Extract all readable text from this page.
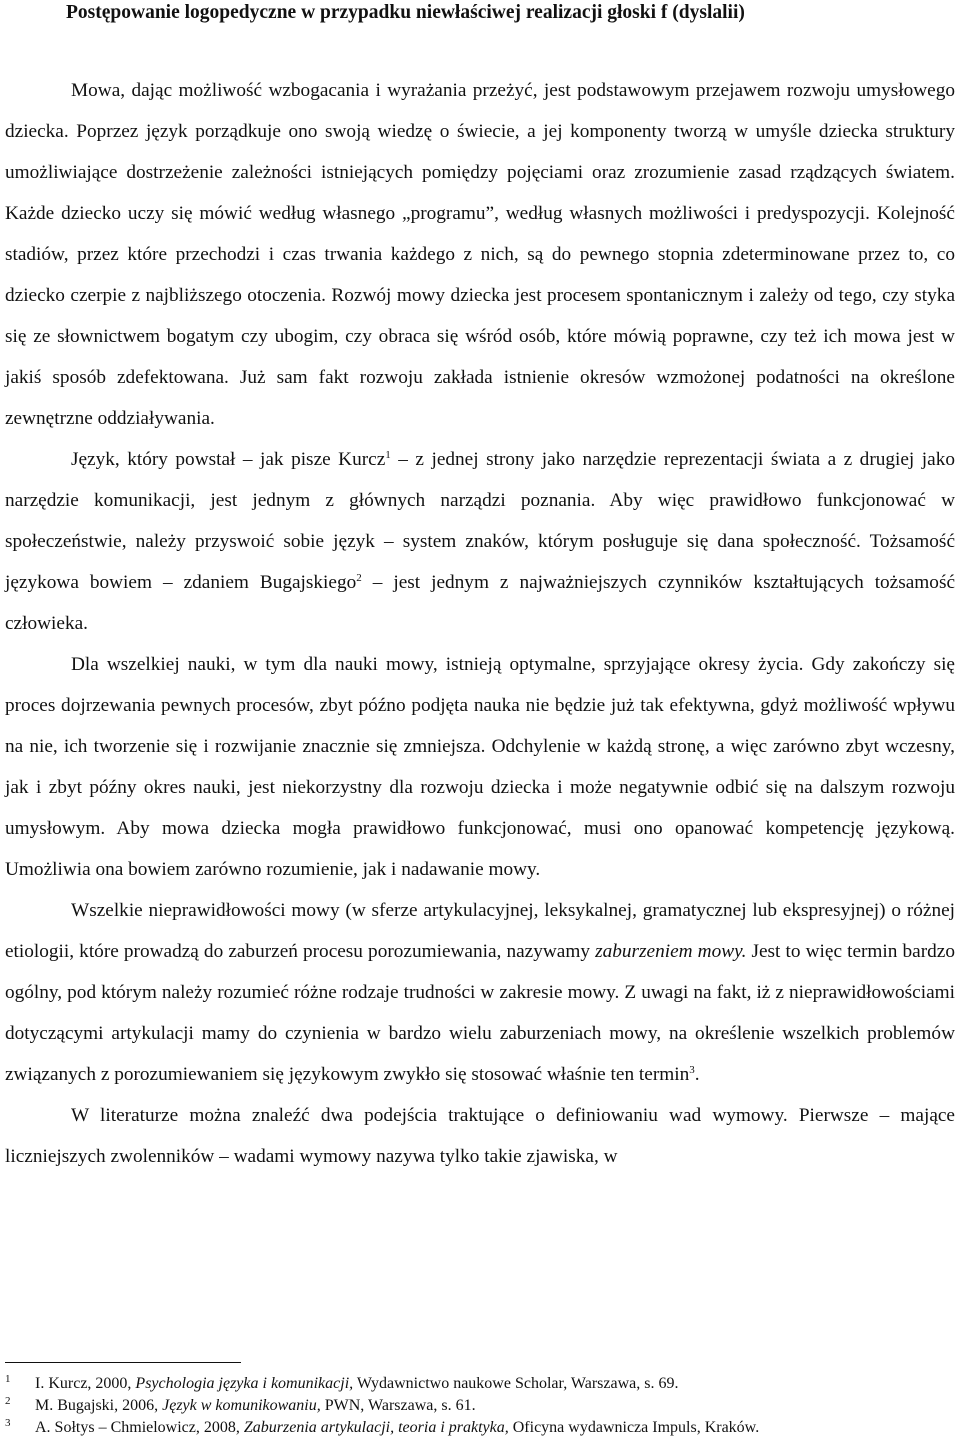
Postępowanie logopedyczne w przypadku niewłaściwej realizacji głoski f (dyslalii)

Mowa, dając możliwość wzbogacania i wyrażania przeżyć, jest podstawowym przejawem rozwoju umysłowego dziecka. Poprzez język porządkuje ono swoją wiedzę o świecie, a jej komponenty tworzą w umyśle dziecka struktury umożliwiające dostrzeżenie zależności istniejących pomiędzy pojęciami oraz zrozumienie zasad rządzących światem. Każde dziecko uczy się mówić według własnego „programu”, według własnych możliwości i predyspozycji. Kolejność stadiów, przez które przechodzi i czas trwania każdego z nich, są do pewnego stopnia zdeterminowane przez to, co dziecko czerpie z najbliższego otoczenia. Rozwój mowy dziecka jest procesem spontanicznym i zależy od tego, czy styka się ze słownictwem bogatym czy ubogim, czy obraca się wśród osób, które mówią poprawne, czy też ich mowa jest w jakiś sposób zdefektowana. Już sam fakt rozwoju zakłada istnienie okresów wzmożonej podatności na określone zewnętrzne oddziaływania.

Język, który powstał – jak pisze Kurcz$^1$ – z jednej strony jako narzędzie reprezentacji świata a z drugiej jako narzędzie komunikacji, jest jednym z głównych narządzi poznania. Aby więc prawidłowo funkcjonować w społeczeństwie, należy przyswoić sobie język – system znaków, którym posługuje się dana społeczność. Tożsamość językowa bowiem – zdaniem Bugajskiego$^2$ – jest jednym z najważniejszych czynników kształtujących tożsamość człowieka.

Dla wszelkiej nauki, w tym dla nauki mowy, istnieją optymalne, sprzyjające okresy życia. Gdy zakończy się proces dojrzewania pewnych procesów, zbyt późno podjęta nauka nie będzie już tak efektywna, gdyż możliwość wpływu na nie, ich tworzenie się i rozwijanie znacznie się zmniejsza. Odchylenie w każdą stronę, a więc zarówno zbyt wczesny, jak i zbyt późny okres nauki, jest niekorzystny dla rozwoju dziecka i może negatywnie odbić się na dalszym rozwoju umysłowym. Aby mowa dziecka mogła prawidłowo funkcjonować, musi ono opanować kompetencję językową. Umożliwia ona bowiem zarówno rozumienie, jak i nadawanie mowy.

Wszelkie nieprawidłowości mowy (w sferze artykulacyjnej, leksykalnej, gramatycznej lub ekspresyjnej) o różnej etiologii, które prowadzą do zaburzeń procesu porozumiewania, nazywamy zaburzeniem mowy. Jest to więc termin bardzo ogólny, pod którym należy rozumieć różne rodzaje trudności w zakresie mowy. Z uwagi na fakt, iż z nieprawidłowościami dotyczącymi artykulacji mamy do czynienia w bardzo wielu zaburzeniach mowy, na określenie wszelkich problemów związanych z porozumiewaniem się językowym zwykło się stosować właśnie ten termin$^3$.

W literaturze można znaleźć dwa podejścia traktujące o definiowaniu wad wymowy. Pierwsze – mające liczniejszych zwolenników – wadami wymowy nazywa tylko takie zjawiska, w

1 I. Kurcz, 2000, Psychologia języka i komunikacji, Wydawnictwo naukowe Scholar, Warszawa, s. 69.
2 M. Bugajski, 2006, Język w komunikowaniu, PWN, Warszawa, s. 61.
3 A. Sołtys – Chmielowicz, 2008, Zaburzenia artykulacji, teoria i praktyka, Oficyna wydawnicza Impuls, Kraków.
